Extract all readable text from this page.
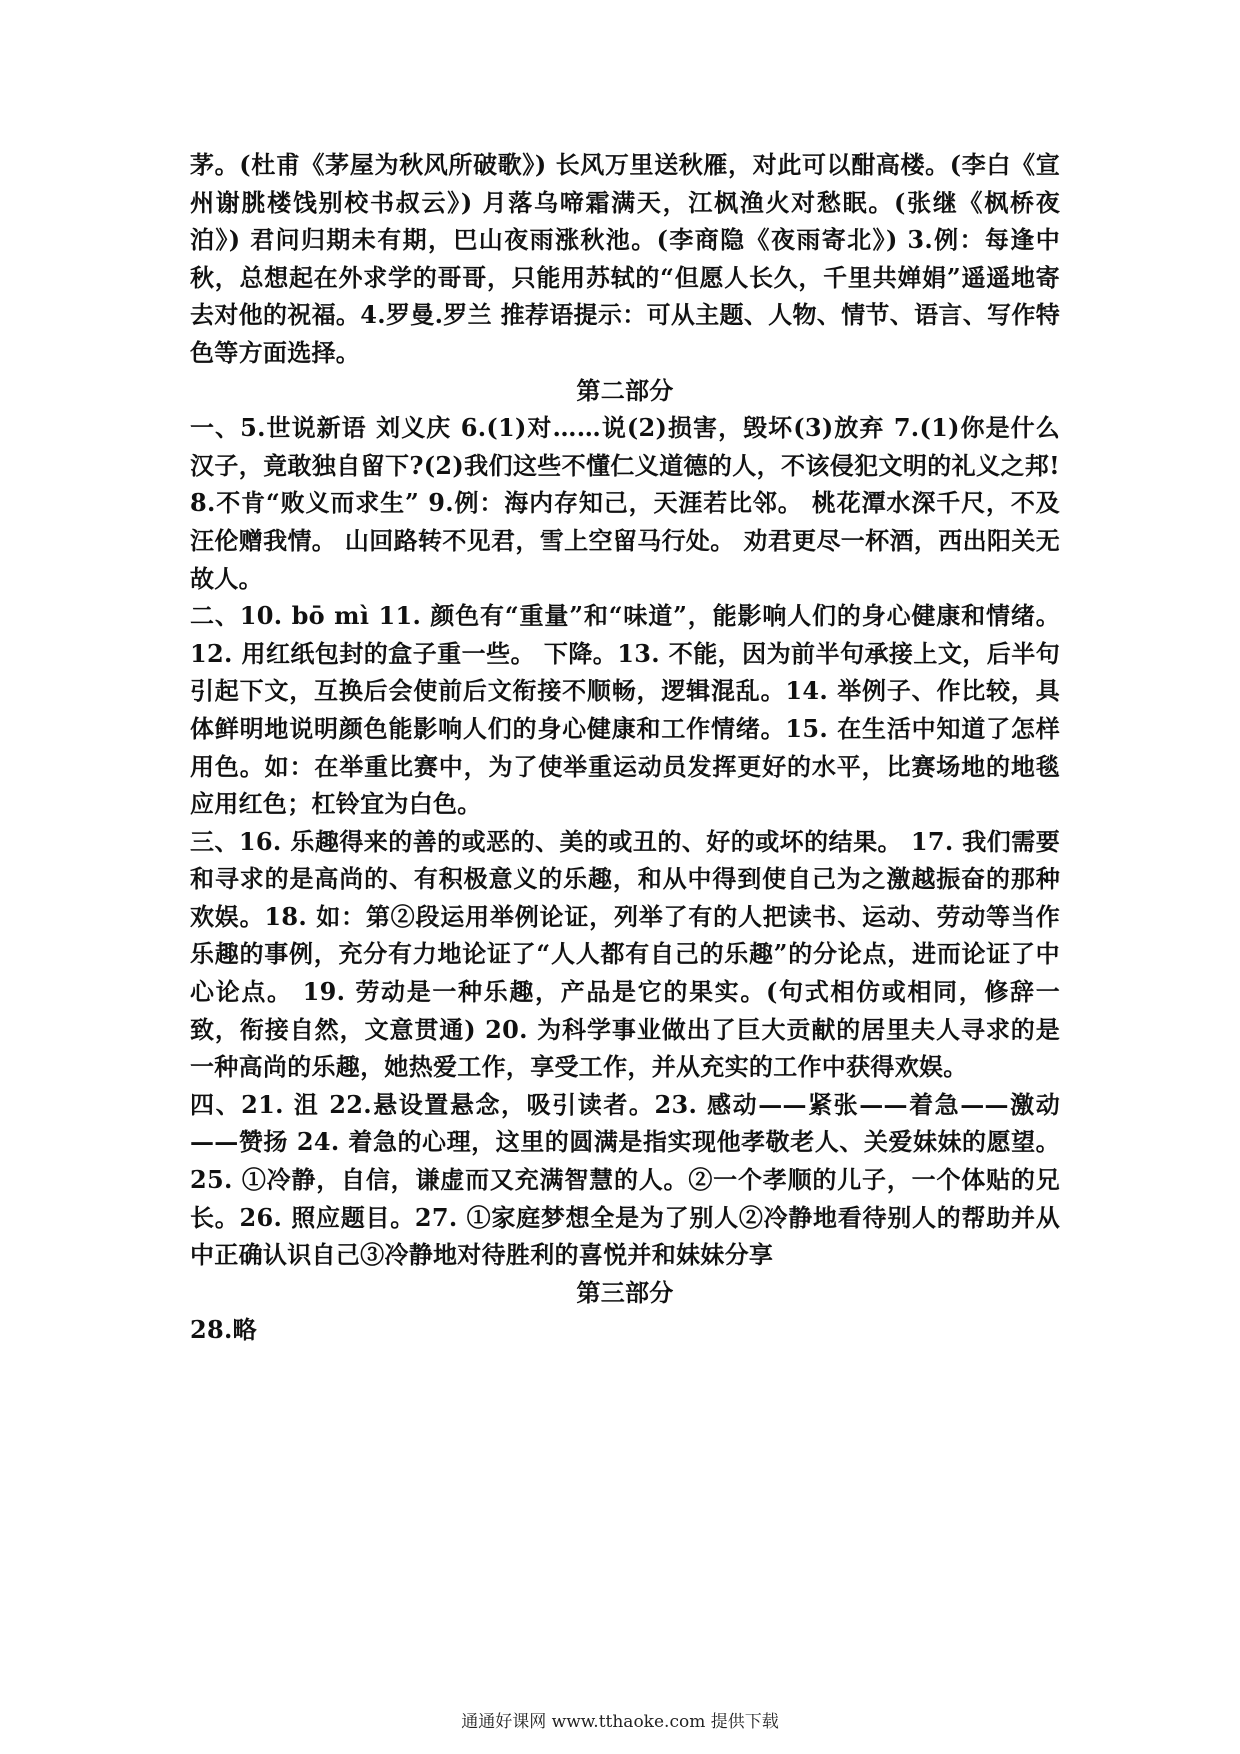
茅。(杜甫《茅屋为秋风所破歌》) 长风万里送秋雁，对此可以酣高楼。(李白《宣州谢朓楼饯别校书叔云》) 月落乌啼霜满天，江枫渔火对愁眠。(张继《枫桥夜泊》) 君问归期未有期，巴山夜雨涨秋池。(李商隐《夜雨寄北》) 3.例：每逢中秋，总想起在外求学的哥哥，只能用苏轼的“但愿人长久，千里共婵娟”遥遥地寄去对他的祝福。4.罗曼.罗兰 推荐语提示：可从主题、人物、情节、语言、写作特色等方面选择。

第二部分

一、5.世说新语 刘义庆 6.(1)对……说(2)损害，毁坏(3)放弃 7.(1)你是什么汉子，竟敢独自留下?(2)我们这些不懂仁义道德的人，不该侵犯文明的礼义之邦! 8.不肯“败义而求生” 9.例：海内存知己，天涯若比邻。 桃花潭水深千尺，不及汪伦赠我情。 山回路转不见君，雪上空留马行处。 劝君更尽一杯酒，西出阳关无故人。

二、10. bō mì 11. 颜色有“重量”和“味道”，能影响人们的身心健康和情绪。12. 用红纸包封的盒子重一些。 下降。13. 不能，因为前半句承接上文，后半句引起下文，互换后会使前后文衔接不顺畅，逻辑混乱。14. 举例子、作比较，具体鲜明地说明颜色能影响人们的身心健康和工作情绪。15. 在生活中知道了怎样用色。如：在举重比赛中，为了使举重运动员发挥更好的水平，比赛场地的地毯应用红色；杠铃宜为白色。

三、16. 乐趣得来的善的或恶的、美的或丑的、好的或坏的结果。 17. 我们需要和寻求的是高尚的、有积极意义的乐趣，和从中得到使自己为之激越振奋的那种欢娱。18. 如：第②段运用举例论证，列举了有的人把读书、运动、劳动等当作乐趣的事例，充分有力地论证了“人人都有自己的乐趣”的分论点，进而论证了中心论点。 19. 劳动是一种乐趣，产品是它的果实。(句式相仿或相同，修辞一致，衔接自然，文意贯通) 20. 为科学事业做出了巨大贡献的居里夫人寻求的是一种高尚的乐趣，她热爱工作，享受工作，并从充实的工作中获得欢娱。

四、21. 沮 22.悬设置悬念，吸引读者。23. 感动——紧张——着急——激动——赞扬 24. 着急的心理，这里的圆满是指实现他孝敬老人、关爱妹妹的愿望。25. ①冷静，自信，谦虚而又充满智慧的人。②一个孝顺的儿子，一个体贴的兄长。26. 照应题目。27. ①家庭梦想全是为了别人②冷静地看待别人的帮助并从中正确认识自己③冷静地对待胜利的喜悦并和妹妹分享

第三部分

28.略

通通好课网 www.tthaoke.com 提供下载
